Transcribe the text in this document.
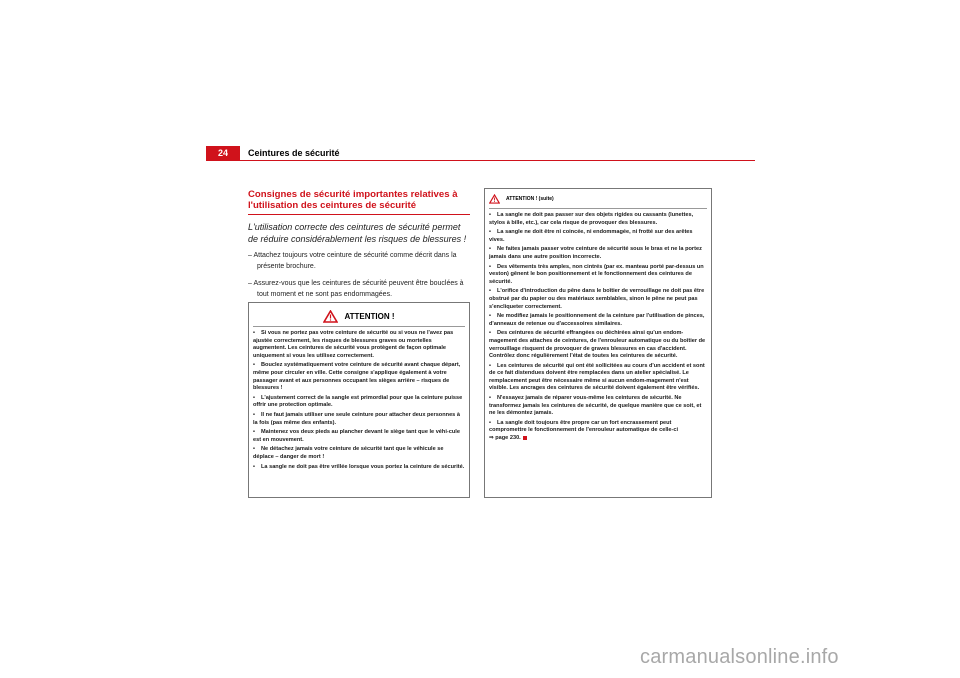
24	Ceintures de sécurité
Consignes de sécurité importantes relatives à l'utilisation des ceintures de sécurité
L'utilisation correcte des ceintures de sécurité permet de réduire considérablement les risques de blessures !
– Attachez toujours votre ceinture de sécurité comme décrit dans la présente brochure.
– Assurez-vous que les ceintures de sécurité peuvent être bouclées à tout moment et ne sont pas endommagées.
ATTENTION !
• Si vous ne portez pas votre ceinture de sécurité ou si vous ne l'avez pas ajustée correctement, les risques de blessures graves ou mortelles augmentent. Les ceintures de sécurité vous protègent de façon optimale uniquement si vous les utilisez correctement.
• Bouclez systématiquement votre ceinture de sécurité avant chaque départ, même pour circuler en ville. Cette consigne s'applique également à votre passager avant et aux personnes occupant les sièges arrière – risques de blessures !
• L'ajustement correct de la sangle est primordial pour que la ceinture puisse offrir une protection optimale.
• Il ne faut jamais utiliser une seule ceinture pour attacher deux personnes à la fois (pas même des enfants).
• Maintenez vos deux pieds au plancher devant le siège tant que le véhi-cule est en mouvement.
• Ne détachez jamais votre ceinture de sécurité tant que le véhicule se déplace – danger de mort !
• La sangle ne doit pas être vrillée lorsque vous portez la ceinture de sécurité.
ATTENTION ! (suite)
• La sangle ne doit pas passer sur des objets rigides ou cassants (lunettes, stylos à bille, etc.), car cela risque de provoquer des blessures.
• La sangle ne doit être ni coincée, ni endommagée, ni frotté sur des arêtes vives.
• Ne faites jamais passer votre ceinture de sécurité sous le bras et ne la portez jamais dans une autre position incorrecte.
• Des vêtements très amples, non cintrés (par ex. manteau porté par-dessus un veston) gênent le bon positionnement et le fonctionnement des ceintures de sécurité.
• L'orifice d'introduction du pêne dans le boîtier de verrouillage ne doit pas être obstrué par du papier ou des matériaux semblables, sinon le pêne ne peut pas s'encliqueter correctement.
• Ne modifiez jamais le positionnement de la ceinture par l'utilisation de pinces, d'anneaux de retenue ou d'accessoires similaires.
• Des ceintures de sécurité effrangées ou déchirées ainsi qu'un endom-magement des attaches de ceintures, de l'enrouleur automatique ou du boîtier de verrouillage risquent de provoquer de graves blessures en cas d'accident. Contrôlez donc régulièrement l'état de toutes les ceintures de sécurité.
• Les ceintures de sécurité qui ont été sollicitées au cours d'un accident et sont de ce fait distendues doivent être remplacées dans un atelier spécialisé. Le remplacement peut être nécessaire même si aucun endom-magement n'est visible. Les ancrages des ceintures de sécurité doivent également être vérifiés.
• N'essayez jamais de réparer vous-même les ceintures de sécurité. Ne transformez jamais les ceintures de sécurité, de quelque manière que ce soit, et ne les démontez jamais.
• La sangle doit toujours être propre car un fort encrassement peut compromettre le fonctionnement de l'enrouleur automatique de celle-ci
⇒ page 230.
carmanualsonline.info
